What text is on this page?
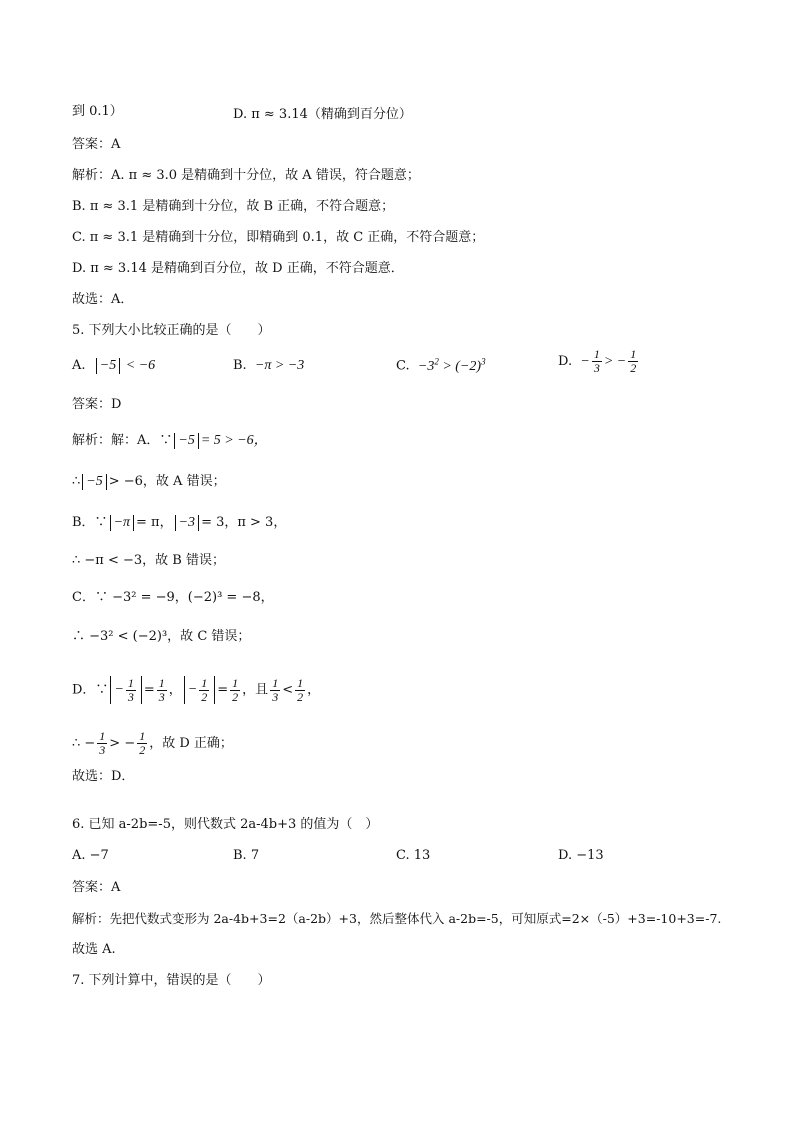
到 0.1）	D. π ≈ 3.14（精确到百分位）
答案：A
解析：A. π ≈ 3.0 是精确到十分位，故 A 错误，符合题意；
B. π ≈ 3.1 是精确到十分位，故 B 正确，不符合题意；
C. π ≈ 3.1 是精确到十分位，即精确到 0.1，故 C 正确，不符合题意；
D. π ≈ 3.14 是精确到百分位，故 D 正确，不符合题意．
故选：A．
5. 下列大小比较正确的是（　　）
A. −5 < −6	B. −π > −3	C. $-3^2 > (-2)^3$	D. − $\frac{1}{3}$ > − $\frac{1}{2}$
答案：D
解析：解：A．∵ −5 = 5 > −6，
∴ −5 > −6，故 A 错误；
B．∵ −π = π， −3 = 3，π > 3，
∴ −π < −3，故 B 错误；
C．∵ −3² = −9，(−2)³ = −8，
∴ −3² < (−2)³，故 C 错误；
D．∵ − $\frac{1}{3} = \frac{1}{3}$ ， − $\frac{1}{2} = \frac{1}{2}$ ，且 $\frac{1}{3} < \frac{1}{2}$ ，
∴ − $\frac{1}{3}$ > − $\frac{1}{2}$ ，故 D 正确；
故选：D．
6. 已知 a-2b=-5，则代数式 2a-4b+3 的值为（　）
A. −7	B. 7	C. 13	D. −13
答案：A
解析：先把代数式变形为 2a-4b+3=2（a-2b）+3，然后整体代入 a-2b=-5，可知原式=2×（-5）+3=-10+3=-7.
故选 A.
7. 下列计算中，错误的是（　　）
